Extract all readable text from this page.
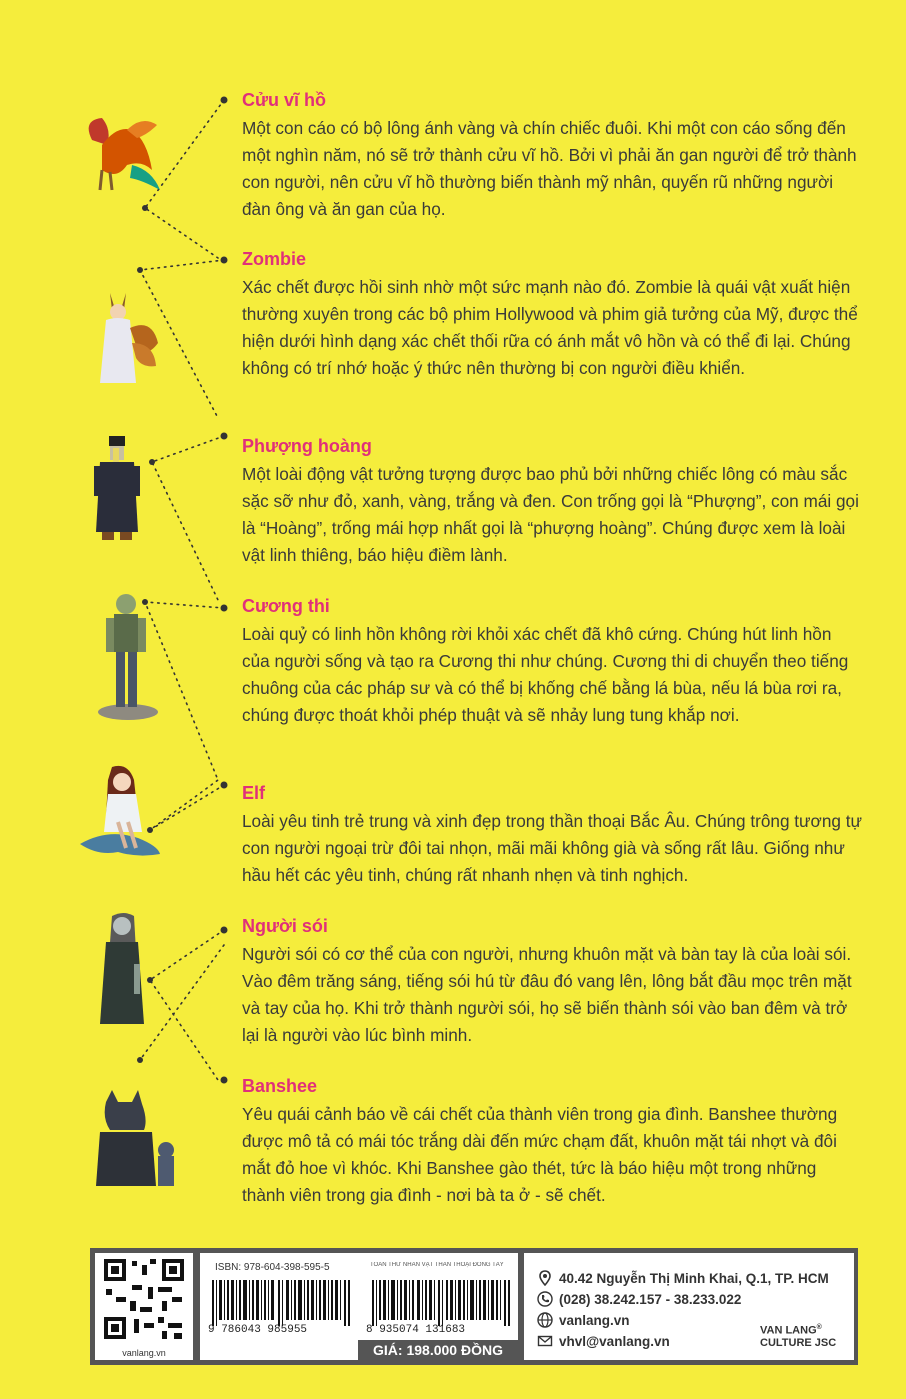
Cửu vĩ hồ

Một con cáo có bộ lông ánh vàng và chín chiếc đuôi. Khi một con cáo sống đến một nghìn năm, nó sẽ trở thành cửu vĩ hồ. Bởi vì phải ăn gan người để trở thành con người, nên cửu vĩ hồ thường biến thành mỹ nhân, quyến rũ những người đàn ông và ăn gan của họ.

Zombie

Xác chết được hồi sinh nhờ một sức mạnh nào đó. Zombie là quái vật xuất hiện thường xuyên trong các bộ phim Hollywood và phim giả tưởng của Mỹ, được thể hiện dưới hình dạng xác chết thối rữa có ánh mắt vô hồn và có thể đi lại. Chúng không có trí nhớ hoặc ý thức nên thường bị con người điều khiển.

Phượng hoàng

Một loài động vật tưởng tượng được bao phủ bởi những chiếc lông có màu sắc sặc sỡ như đỏ, xanh, vàng, trắng và đen. Con trống gọi là “Phượng”, con mái gọi là “Hoàng”, trống mái hợp nhất gọi là “phượng hoàng”. Chúng được xem là loài vật linh thiêng, báo hiệu điềm lành.

Cương thi

Loài quỷ có linh hồn không rời khỏi xác chết đã khô cứng. Chúng hút linh hồn của người sống và tạo ra Cương thi như chúng. Cương thi di chuyển theo tiếng chuông của các pháp sư và có thể bị khống chế bằng lá bùa, nếu lá bùa rơi ra, chúng được thoát khỏi phép thuật và sẽ nhảy lung tung khắp nơi.

Elf

Loài yêu tinh trẻ trung và xinh đẹp trong thần thoại Bắc Âu. Chúng trông tương tự con người ngoại trừ đôi tai nhọn, mãi mãi không già và sống rất lâu. Giống như hầu hết các yêu tinh, chúng rất nhanh nhẹn và tinh nghịch.

Người sói

Người sói có cơ thể của con người, nhưng khuôn mặt và bàn tay là của loài sói. Vào đêm trăng sáng, tiếng sói hú từ đâu đó vang lên, lông bắt đầu mọc trên mặt và tay của họ. Khi trở thành người sói, họ sẽ biến thành sói vào ban đêm và trở lại là người vào lúc bình minh.

Banshee

Yêu quái cảnh báo về cái chết của thành viên trong gia đình. Banshee thường được mô tả có mái tóc trắng dài đến mức chạm đất, khuôn mặt tái nhợt và đôi mắt đỏ hoe vì khóc. Khi Banshee gào thét, tức là báo hiệu một trong những thành viên trong gia đình - nơi bà ta ở - sẽ chết.

vanlang.vn
ISBN: 978-604-398-595-5	TOÀN THƯ NHÂN VẬT THẦN THOẠI ĐÔNG TÂY
9 786043 985955	8 935074 131683
GIÁ: 198.000 ĐỒNG
40.42 Nguyễn Thị Minh Khai, Q.1, TP. HCM
(028) 38.242.157 - 38.233.022
vanlang.vn
vhvl@vanlang.vn
VAN LANG®
CULTURE JSC
